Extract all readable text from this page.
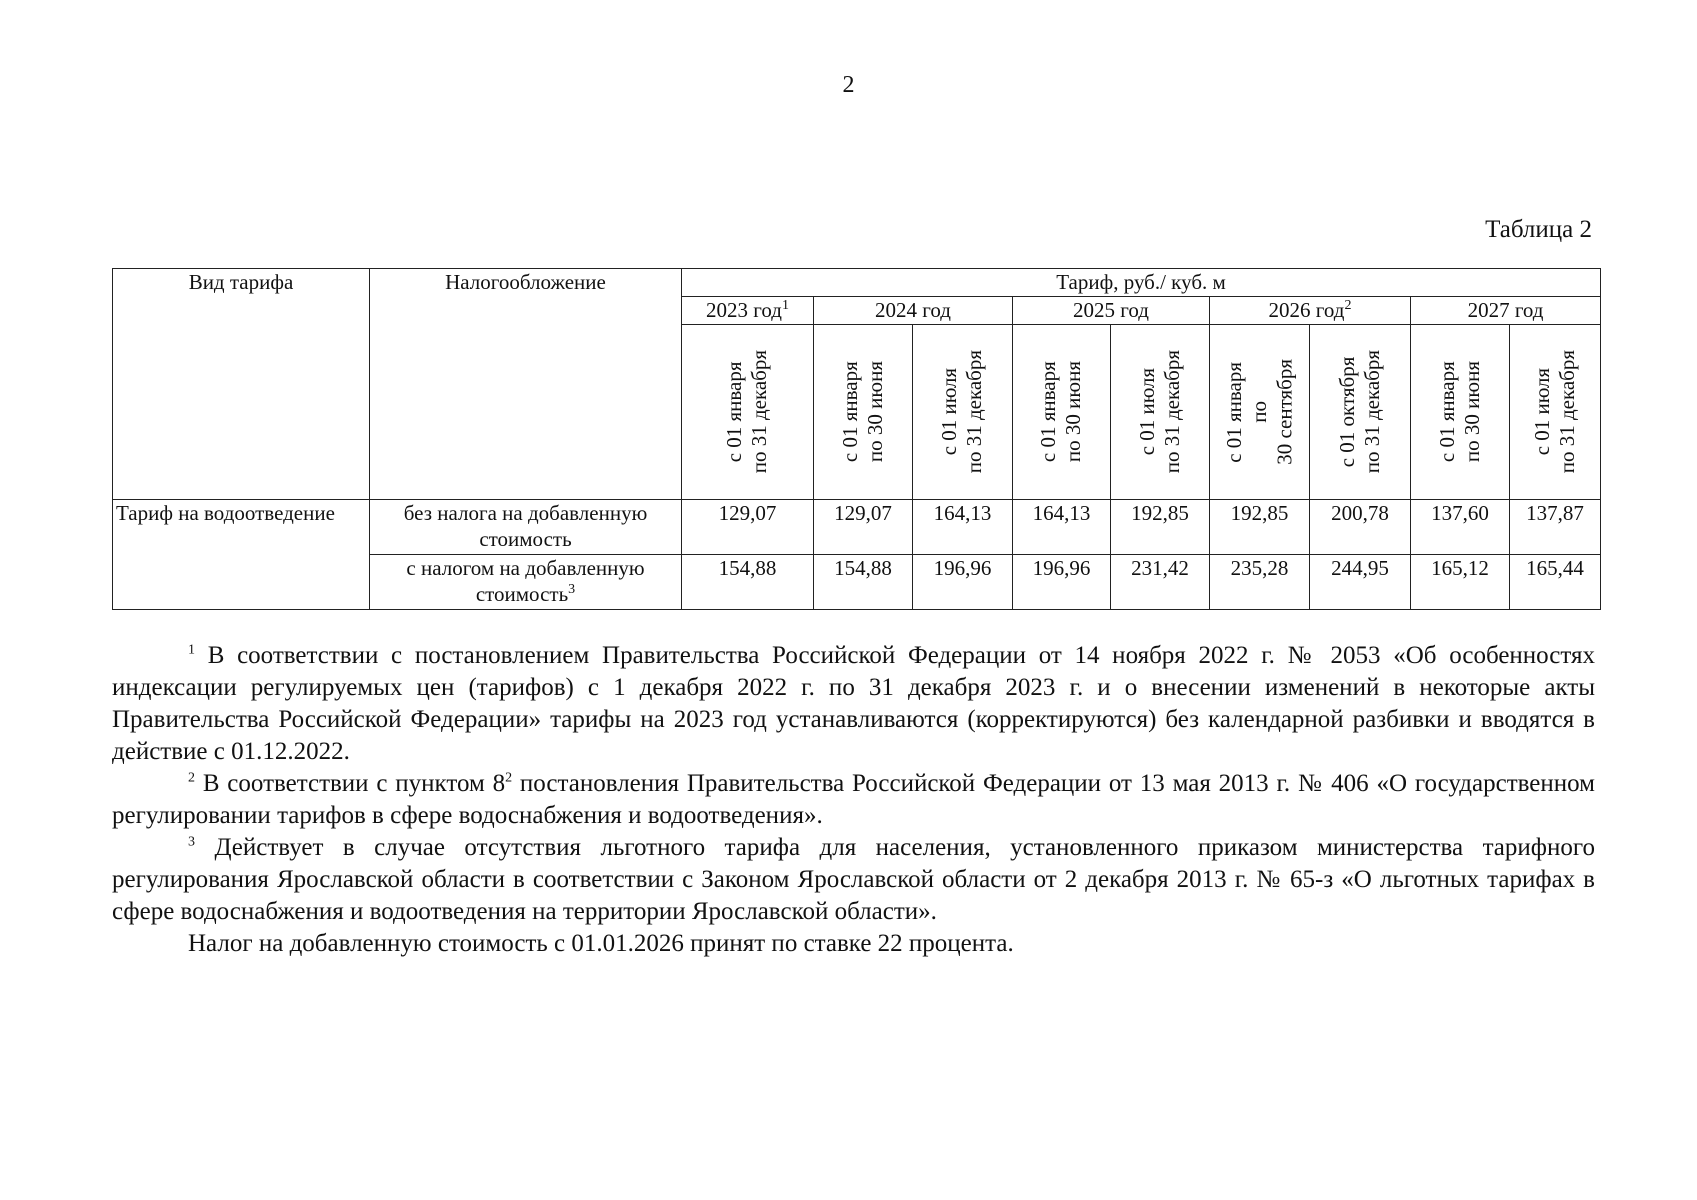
2
Таблица 2
Вид тарифа	Налогообложение	Тариф, руб./ куб. м								
		2023 год$^1$	2024 год		2025 год		2026 год$^2$		2027 год	

		с 01 января
по 31 декабря	с 01 января
по 30 июня	с 01 июля
по 31 декабря	с 01 января
по 30 июня	с 01 июля
по 31 декабря	с 01 января
по
30 сентября	с 01 октября
по 31 декабря	с 01 января
по 30 июня	с 01 июля
по 31 декабря

Тариф на водоотведение	без налога на добавленную стоимость	129,07	129,07	164,13	164,13	192,85	192,85	200,78	137,60	137,87
	с налогом на добавленную стоимость$^3$	154,88	154,88	196,96	196,96	231,42	235,28	244,95	165,12	165,44

$^1$ В соответствии с постановлением Правительства Российской Федерации от 14 ноября 2022 г. № 2053 «Об особенностях индексации регулируемых цен (тарифов) с 1 декабря 2022 г. по 31 декабря 2023 г. и о внесении изменений в некоторые акты Правительства Российской Федерации» тарифы на 2023 год устанавливаются (корректируются) без календарной разбивки и вводятся в действие с 01.12.2022.

$^2$ В соответствии с пунктом $8^2$ постановления Правительства Российской Федерации от 13 мая 2013 г. № 406 «О государственном регулировании тарифов в сфере водоснабжения и водоотведения».

$^3$ Действует в случае отсутствия льготного тарифа для населения, установленного приказом министерства тарифного регулирования Ярославской области в соответствии с Законом Ярославской области от 2 декабря 2013 г. № 65-з «О льготных тарифах в сфере водоснабжения и водоотведения на территории Ярославской области».

Налог на добавленную стоимость с 01.01.2026 принят по ставке 22 процента.
